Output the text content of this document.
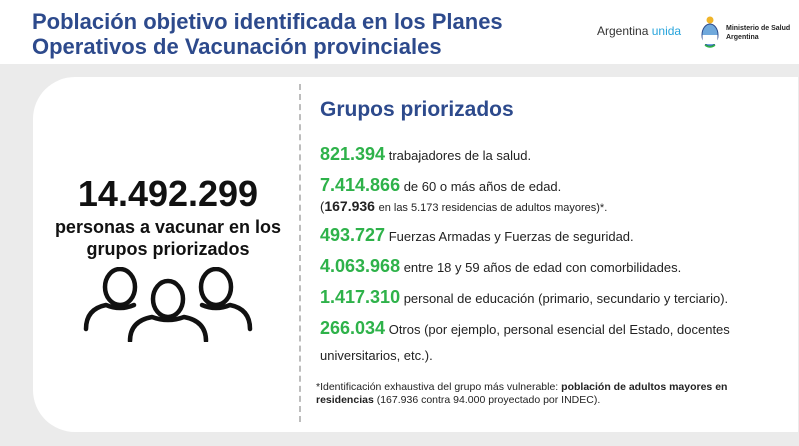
Población objetivo identificada en los Planes
Operativos de Vacunación provinciales
Argentina unida	Ministerio de Salud
Argentina
14.492.299
personas a vacunar en los
grupos priorizados
Grupos priorizados
821.394 trabajadores de la salud.
7.414.866 de 60 o más años de edad.
(167.936 en las 5.173 residencias de adultos mayores)*.
493.727 Fuerzas Armadas y Fuerzas de seguridad.
4.063.968 entre 18 y 59 años de edad con comorbilidades.
1.417.310 personal de educación (primario, secundario y terciario).
266.034 Otros (por ejemplo, personal esencial del Estado, docentes
universitarios, etc.).
*Identificación exhaustiva del grupo más vulnerable: población de adultos mayores en residencias (167.936 contra 94.000 proyectado por INDEC).
